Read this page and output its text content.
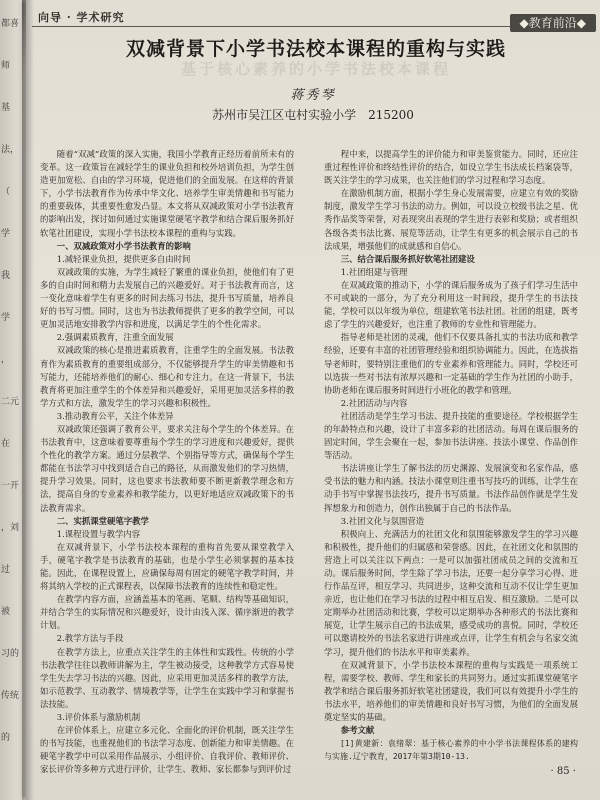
都喜
师
基
法，
（
学
我
学
，
二元
在
一开
，刘
过
被
习的
传统
的
向导 · 学术研究	◆教育前沿◆
双减背景下小学书法校本课程的重构与实践
基于核心素养的小学书法校本课程
蒋秀琴
苏州市吴江区屯村实验小学　215200

随着“双减”政策的深入实施，我国小学教育正经历着前所未有的变革。这一政策旨在减轻学生的课业负担和校外培训负担，为学生创造更加宽松、自由的学习环境，促进他们的全面发展。在这样的背景下，小学书法教育作为传承中华文化、培养学生审美情趣和书写能力的重要载体，其重要性愈发凸显。本文将从双减政策对小学书法教育的影响出发，探讨如何通过实施课堂硬笔字教学和结合课后服务抓好软笔社团建设，实现小学书法校本课程的重构与实践。

一、双减政策对小学书法教育的影响

1.减轻课业负担，提供更多自由时间

双减政策的实施，为学生减轻了繁重的课业负担，使他们有了更多的自由时间和精力去发展自己的兴趣爱好。对于书法教育而言，这一变化意味着学生有更多的时间去练习书法，提升书写质量，培养良好的书写习惯。同时，这也为书法教师提供了更多的教学空间，可以更加灵活地安排教学内容和进度，以满足学生的个性化需求。

2.强调素质教育，注重全面发展

双减政策的核心是推进素质教育，注重学生的全面发展。书法教育作为素质教育的重要组成部分，不仅能够提升学生的审美情趣和书写能力，还能培养他们的耐心、细心和专注力。在这一背景下，书法教育将更加注重学生的个体差异和兴趣爱好，采用更加灵活多样的教学方式和方法，激发学生的学习兴趣和积极性。

3.推动教育公平，关注个体差异

双减政策还强调了教育公平，要求关注每个学生的个体差异。在书法教育中，这意味着要尊重每个学生的学习进度和兴趣爱好，提供个性化的教学方案。通过分层教学、个别指导等方式，确保每个学生都能在书法学习中找到适合自己的路径，从而激发他们的学习热情，提升学习效果。同时，这也要求书法教师要不断更新教学理念和方法，提高自身的专业素养和教学能力，以更好地适应双减政策下的书法教育需求。

二、实抓课堂硬笔字教学

1.课程设置与教学内容

在双减背景下，小学书法校本课程的重构首先要从课堂教学入手，硬笔字教学是书法教育的基础，也是小学生必须掌握的基本技能。因此，在课程设置上，应确保每周有固定的硬笔字教学时间，并将其纳入学校的正式课程表，以保障书法教育的连续性和稳定性。

在教学内容方面，应涵盖基本的笔画、笔顺、结构等基础知识，并结合学生的实际情况和兴趣爱好，设计由浅入深、循序渐进的教学计划。

2.教学方法与手段

在教学方法上，应重点关注学生的主体性和实践性。传统的小学书法教学往往以教师讲解为主，学生被动接受，这种教学方式容易使学生失去学习书法的兴趣。因此，应采用更加灵活多样的教学方法，如示范教学、互动教学、情境教学等，让学生在实践中学习和掌握书法技能。

3.评价体系与激励机制

在评价体系上，应建立多元化、全面化的评价机制，既关注学生的书写技能，也重视他们的书法学习态度、创新能力和审美情趣。在硬笔字教学中可以采用作品展示、小组评价、自我评价、教师评价、家长评价等多种方式进行评价，让学生、教师、家长都参与到评价过

程中来，以提高学生的评价能力和审美鉴赏能力。同时，还应注重过程性评价和终结性评价的结合，如设立学生书法成长档案袋等，既关注学生的学习成果，也关注他们的学习过程和学习态度。

在激励机制方面，根据小学生身心发展需要，应建立有效的奖励制度，激发学生学习书法的动力。例如，可以设立校级书法之星、优秀作品奖等荣誉，对表现突出表现的学生进行表彰和奖励；或者组织各级各类书法比赛、展览等活动，让学生有更多的机会展示自己的书法成果，增强他们的成就感和自信心。

三、结合课后服务抓好软笔社团建设

1.社团组建与管理

在双减政策的推动下，小学的课后服务成为了孩子们学习生活中不可或缺的一部分，为了充分利用这一时间段，提升学生的书法技能，学校可以以年级为单位，组建软笔书法社团。社团的组建，既考虑了学生的兴趣爱好，也注重了教师的专业性和管理能力。

指导老师是社团的灵魂，他们不仅要具备扎实的书法功底和教学经验，还要有丰富的社团管理经验和组织协调能力。因此，在选拔指导老师时，要特别注重他们的专业素养和管理能力。同时，学校还可以选拔一些对书法有浓厚兴趣和一定基础的学生作为社团的小助手，协助老师在课后服务时间进行小班化的教学和管理。

2.社团活动与内容

社团活动是学生学习书法、提升技能的重要途径。学校根据学生的年龄特点和兴趣，设计了丰富多彩的社团活动。每周在课后服务的固定时间，学生会聚在一起，参加书法讲座、技法小课堂、作品创作等活动。

书法讲座让学生了解书法的历史渊源、发展演变和名家作品，感受书法的魅力和内涵。技法小课堂则注重书写技巧的训练，让学生在动手书写中掌握书法技巧，提升书写质量。书法作品创作就是学生发挥想象力和创造力，创作出独属于自己的书法作品。

3.社团文化与氛围营造

积极向上、充满活力的社团文化和氛围能够激发学生的学习兴趣和积极性，提升他们的归属感和荣誉感。因此，在社团文化和氛围的营造上可以关注以下两点：一是可以加强社团成员之间的交流和互动。课后服务时间，学生除了学习书法，还要一起分享学习心得、进行作品互评，相互学习、共同进步，这种交流和互动不仅让学生更加亲近，也让他们在学习书法的过程中相互启发、相互激励。二是可以定期举办社团活动和比赛，学校可以定期举办各种形式的书法比赛和展览，让学生展示自己的书法成果，感受成功的喜悦。同时，学校还可以邀请校外的书法名家进行讲座或点评，让学生有机会与名家交流学习，提升他们的书法水平和审美素养。

在双减背景下，小学书法校本课程的重构与实践是一项系统工程，需要学校、教师、学生和家长的共同努力。通过实抓课堂硬笔字教学和结合课后服务抓好软笔社团建设，我们可以有效提升小学生的书法水平，培养他们的审美情趣和良好书写习惯，为他们的全面发展奠定坚实的基础。

参考文献

[1]黄建新：袁绪翠：基于核心素养的中小学书法课程体系的建构与实施.辽宁教育，2017年第3期10-13.

· 85 ·
